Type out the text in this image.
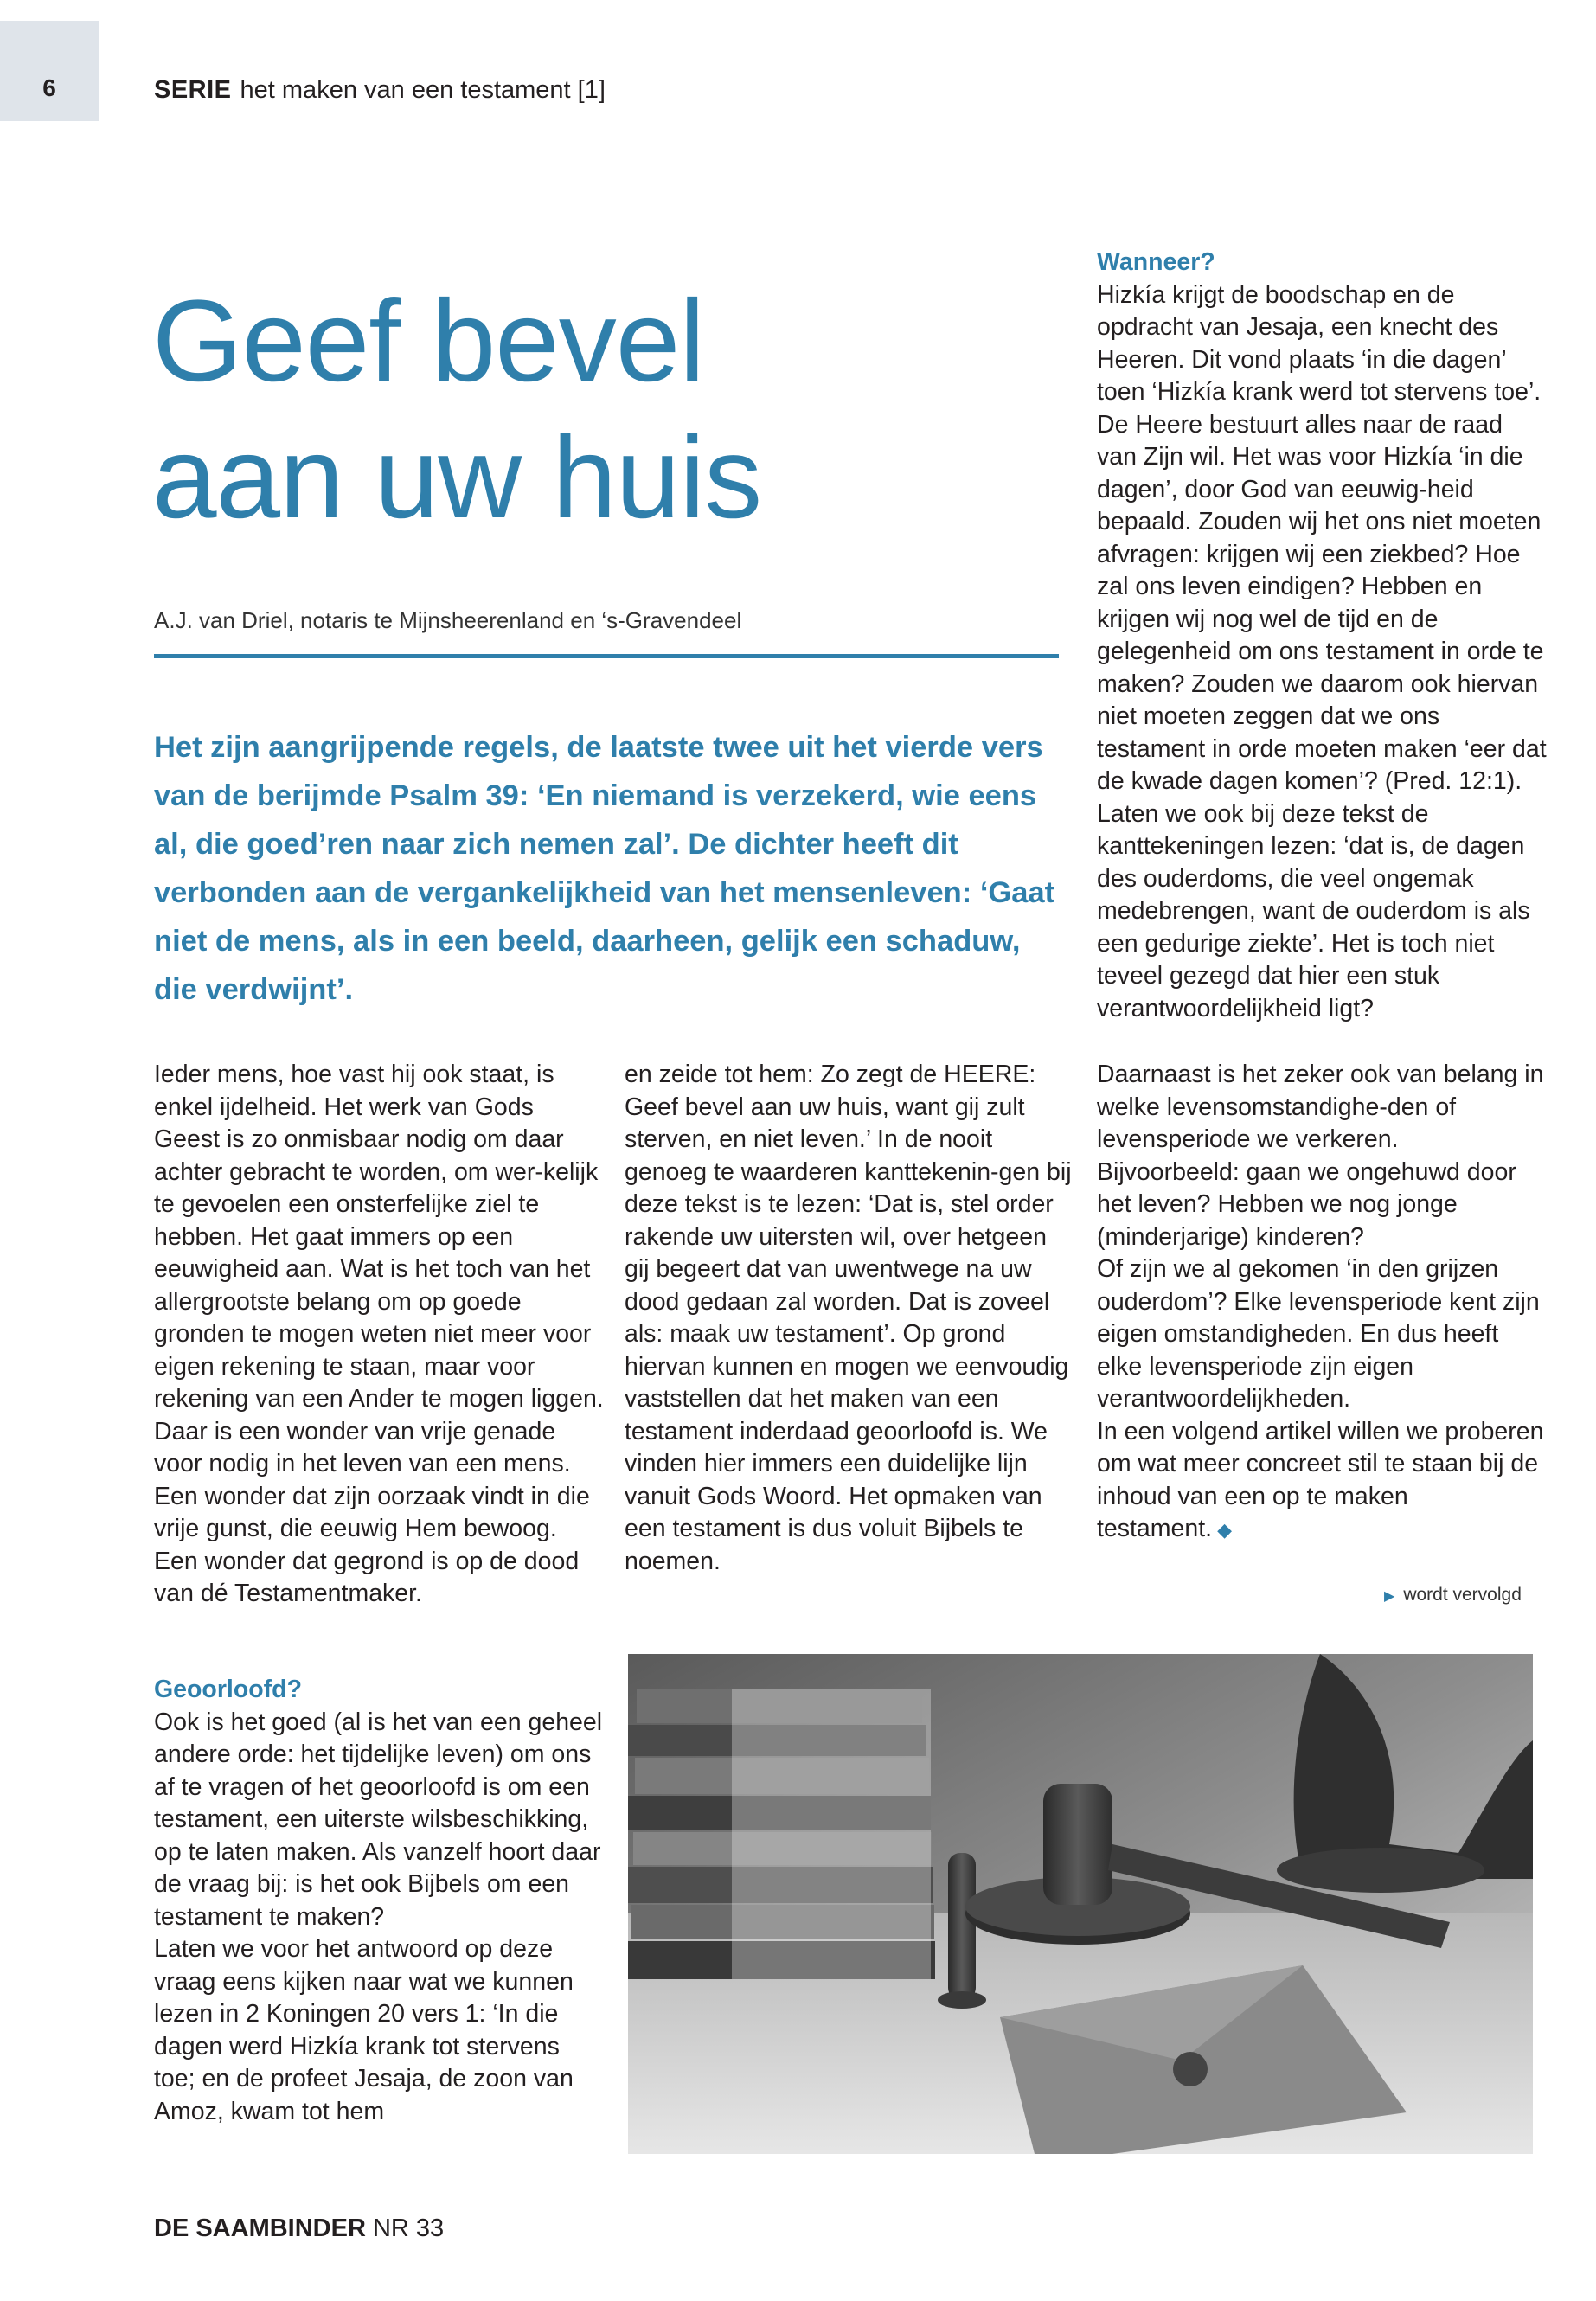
6	SERIE het maken van een testament [1]
Geef bevel
aan uw huis
A.J. van Driel, notaris te Mijnsheerenland en ‘s-Gravendeel
Het zijn aangrijpende regels, de laatste twee uit het vierde vers van de berijmde Psalm 39: ‘En niemand is verzekerd, wie eens al, die goed’ren naar zich nemen zal’. De dichter heeft dit verbonden aan de vergankelijkheid van het mensenleven: ‘Gaat niet de mens, als in een beeld, daarheen, gelijk een schaduw, die verdwijnt’.

Ieder mens, hoe vast hij ook staat, is enkel ijdelheid. Het werk van Gods Geest is zo onmisbaar nodig om daar achter gebracht te worden, om wer-kelijk te gevoelen een onsterfelijke ziel te hebben. Het gaat immers op een eeuwigheid aan. Wat is het toch van het allergrootste belang om op goede gronden te mogen weten niet meer voor eigen rekening te staan, maar voor rekening van een Ander te mogen liggen. Daar is een wonder van vrije genade voor nodig in het leven van een mens. Een wonder dat zijn oorzaak vindt in die vrije gunst, die eeuwig Hem bewoog. Een wonder dat gegrond is op de dood van dé Testamentmaker.

Geoorloofd?

Ook is het goed (al is het van een geheel andere orde: het tijdelijke leven) om ons af te vragen of het geoorloofd is om een testament, een uiterste wilsbeschikking, op te laten maken. Als vanzelf hoort daar de vraag bij: is het ook Bijbels om een testament te maken?

Laten we voor het antwoord op deze vraag eens kijken naar wat we kunnen lezen in 2 Koningen 20 vers 1: ‘In die dagen werd Hizkía krank tot stervens toe; en de profeet Jesaja, de zoon van Amoz, kwam tot hem

en zeide tot hem: Zo zegt de HEERE: Geef bevel aan uw huis, want gij zult sterven, en niet leven.’ In de nooit genoeg te waarderen kanttekenin-gen bij deze tekst is te lezen: ‘Dat is, stel order rakende uw uitersten wil, over hetgeen gij begeert dat van uwentwege na uw dood gedaan zal worden. Dat is zoveel als: maak uw testament’. Op grond hiervan kunnen en mogen we eenvoudig vaststellen dat het maken van een testament inderdaad geoorloofd is. We vinden hier immers een duidelijke lijn vanuit Gods Woord. Het opmaken van een testament is dus voluit Bijbels te noemen.

Wanneer?

Hizkía krijgt de boodschap en de opdracht van Jesaja, een knecht des Heeren. Dit vond plaats ‘in die dagen’ toen ‘Hizkía krank werd tot stervens toe’. De Heere bestuurt alles naar de raad van Zijn wil. Het was voor Hizkía ‘in die dagen’, door God van eeuwig-heid bepaald. Zouden wij het ons niet moeten afvragen: krijgen wij een ziekbed? Hoe zal ons leven eindigen? Hebben en krijgen wij nog wel de tijd en de gelegenheid om ons testament in orde te maken? Zouden we daarom ook hiervan niet moeten zeggen dat we ons testament in orde moeten maken ‘eer dat de kwade dagen komen’? (Pred. 12:1). Laten we ook bij deze tekst de kanttekeningen lezen: ‘dat is, de dagen des ouderdoms, die veel ongemak medebrengen, want de ouderdom is als een gedurige ziekte’. Het is toch niet teveel gezegd dat hier een stuk verantwoordelijkheid ligt?

Daarnaast is het zeker ook van belang in welke levensomstandighe-den of levensperiode we verkeren. Bijvoorbeeld: gaan we ongehuwd door het leven? Hebben we nog jonge (minderjarige) kinderen?

Of zijn we al gekomen ‘in den grijzen ouderdom’? Elke levensperiode kent zijn eigen omstandigheden. En dus heeft elke levensperiode zijn eigen verantwoordelijkheden.

In een volgend artikel willen we proberen om wat meer concreet stil te staan bij de inhoud van een op te maken testament. ◆

▶ wordt vervolgd
DE SAAMBINDER NR 33
